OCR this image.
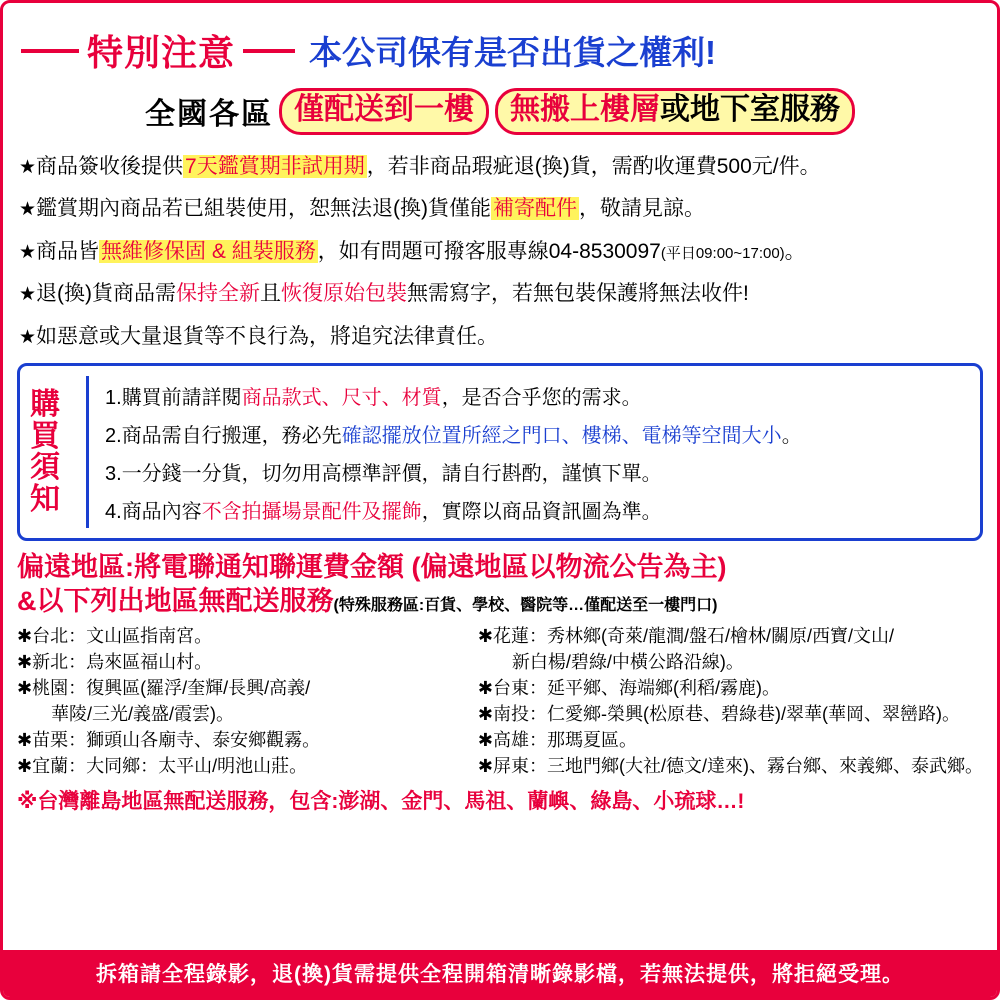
特別注意 本公司保有是否出貨之權利!
全國各區 僅配送到一樓	無搬上樓層或地下室服務
★商品簽收後提供7天鑑賞期非試用期，若非商品瑕疵退(換)貨，需酌收運費500元/件。
★鑑賞期內商品若已組裝使用，恕無法退(換)貨僅能補寄配件，敬請見諒。
★商品皆無維修保固 & 組裝服務，如有問題可撥客服專線04-8530097(平日09:00~17:00)。
★退(換)貨商品需保持全新且恢復原始包裝無需寫字，若無包裝保護將無法收件!
★如惡意或大量退貨等不良行為，將追究法律責任。
購買須知
1.購買前請詳閱商品款式、尺寸、材質，是否合乎您的需求。
2.商品需自行搬運，務必先確認擺放位置所經之門口、樓梯、電梯等空間大小。
3.一分錢一分貨，切勿用高標準評價，請自行斟酌，謹慎下單。
4.商品內容不含拍攝場景配件及擺飾，實際以商品資訊圖為準。
偏遠地區:將電聯通知聯運費金額 (偏遠地區以物流公告為主)
&以下列出地區無配送服務(特殊服務區:百貨、學校、醫院等…僅配送至一樓門口)
✱台北：文山區指南宮。
✱新北：烏來區福山村。
✱桃園：復興區(羅浮/奎輝/長興/高義/
華陵/三光/義盛/霞雲)。
✱苗栗：獅頭山各廟寺、泰安鄉觀霧。
✱宜蘭：大同鄉：太平山/明池山莊。
✱花蓮：秀林鄉(奇萊/龍澗/盤石/檜林/關原/西寶/文山/
新白楊/碧綠/中橫公路沿線)。
✱台東：延平鄉、海端鄉(利稻/霧鹿)。
✱南投：仁愛鄉-榮興(松原巷、碧綠巷)/翠華(華岡、翠巒路)。
✱高雄：那瑪夏區。
✱屏東：三地門鄉(大社/德文/達來)、霧台鄉、來義鄉、泰武鄉。
※台灣離島地區無配送服務，包含:澎湖、金門、馬祖、蘭嶼、綠島、小琉球…!
拆箱請全程錄影，退(換)貨需提供全程開箱清晰錄影檔，若無法提供，將拒絕受理。
